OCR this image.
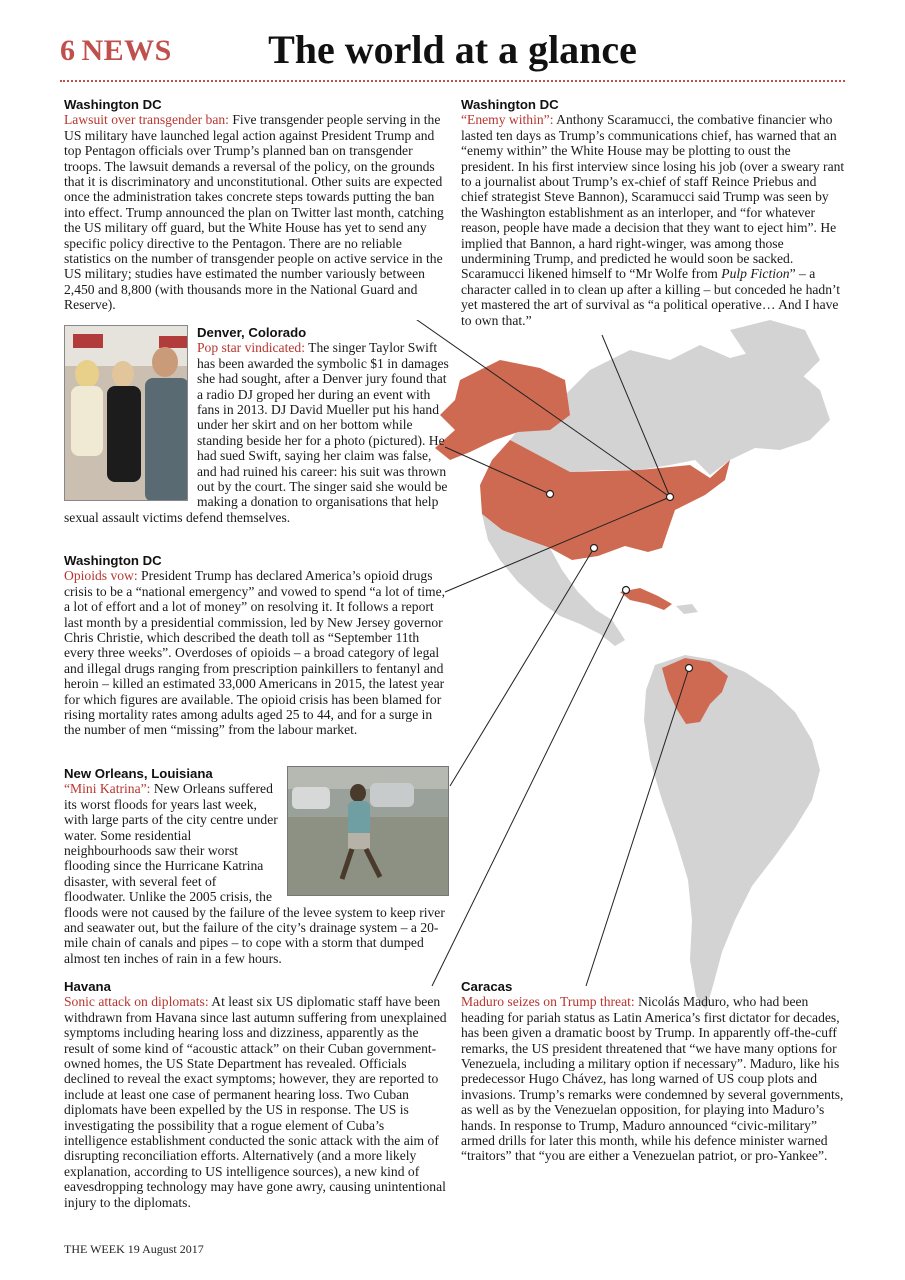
6 NEWS	The world at a glance
Washington DC
Lawsuit over transgender ban: Five transgender people serving in the US military have launched legal action against President Trump and top Pentagon officials over Trump’s planned ban on transgender troops. The lawsuit demands a reversal of the policy, on the grounds that it is discriminatory and unconstitutional. Other suits are expected once the administration takes concrete steps towards putting the ban into effect. Trump announced the plan on Twitter last month, catching the US military off guard, but the White House has yet to send any specific policy directive to the Pentagon. There are no reliable statistics on the number of transgender people on active service in the US military; studies have estimated the number variously between 2,450 and 8,800 (with thousands more in the National Guard and Reserve).
Washington DC
“Enemy within”: Anthony Scaramucci, the combative financier who lasted ten days as Trump’s communications chief, has warned that an “enemy within” the White House may be plotting to oust the president. In his first interview since losing his job (over a sweary rant to a journalist about Trump’s ex-chief of staff Reince Priebus and chief strategist Steve Bannon), Scaramucci said Trump was seen by the Washington establishment as an interloper, and “for whatever reason, people have made a decision that they want to eject him”. He implied that Bannon, a hard right-winger, was among those undermining Trump, and predicted he would soon be sacked. Scaramucci likened himself to “Mr Wolfe from Pulp Fiction” – a character called in to clean up after a killing – but conceded he hadn’t yet mastered the art of survival as “a political operative… And I have to own that.”
Denver, Colorado
Pop star vindicated: The singer Taylor Swift has been awarded the symbolic $1 in damages she had sought, after a Denver jury found that a radio DJ groped her during an event with fans in 2013. DJ David Mueller put his hand under her skirt and on her bottom while standing beside her for a photo (pictured). He had sued Swift, saying her claim was false, and had ruined his career: his suit was thrown out by the court. The singer said she would be making a donation to organisations that help sexual assault victims defend themselves.
Washington DC
Opioids vow: President Trump has declared America’s opioid drugs crisis to be a “national emergency” and vowed to spend “a lot of time, a lot of effort and a lot of money” on resolving it. It follows a report last month by a presidential commission, led by New Jersey governor Chris Christie, which described the death toll as “September 11th every three weeks”. Overdoses of opioids – a broad category of legal and illegal drugs ranging from prescription painkillers to fentanyl and heroin – killed an estimated 33,000 Americans in 2015, the latest year for which figures are available. The opioid crisis has been blamed for rising mortality rates among adults aged 25 to 44, and for a surge in the number of men “missing” from the labour market.
New Orleans, Louisiana
“Mini Katrina”: New Orleans suffered its worst floods for years last week, with large parts of the city centre under water. Some residential neighbourhoods saw their worst flooding since the Hurricane Katrina disaster, with several feet of floodwater. Unlike the 2005 crisis, the floods were not caused by the failure of the levee system to keep river and seawater out, but the failure of the city’s drainage system – a 20-mile chain of canals and pipes – to cope with a storm that dumped almost ten inches of rain in a few hours.
Havana
Sonic attack on diplomats: At least six US diplomatic staff have been withdrawn from Havana since last autumn suffering from unexplained symptoms including hearing loss and dizziness, apparently as the result of some kind of “acoustic attack” on their Cuban government-owned homes, the US State Department has revealed. Officials declined to reveal the exact symptoms; however, they are reported to include at least one case of permanent hearing loss. Two Cuban diplomats have been expelled by the US in response. The US is investigating the possibility that a rogue element of Cuba’s intelligence establishment conducted the sonic attack with the aim of disrupting reconciliation efforts. Alternatively (and a more likely explanation, according to US intelligence sources), a new kind of eavesdropping technology may have gone awry, causing unintentional injury to the diplomats.
Caracas
Maduro seizes on Trump threat: Nicolás Maduro, who had been heading for pariah status as Latin America’s first dictator for decades, has been given a dramatic boost by Trump. In apparently off-the-cuff remarks, the US president threatened that “we have many options for Venezuela, including a military option if necessary”. Maduro, like his predecessor Hugo Chávez, has long warned of US coup plots and invasions. Trump’s remarks were condemned by several governments, as well as by the Venezuelan opposition, for playing into Maduro’s hands. In response to Trump, Maduro announced “civic-military” armed drills for later this month, while his defence minister warned “traitors” that “you are either a Venezuelan patriot, or pro-Yankee”.
THE WEEK 19 August 2017
